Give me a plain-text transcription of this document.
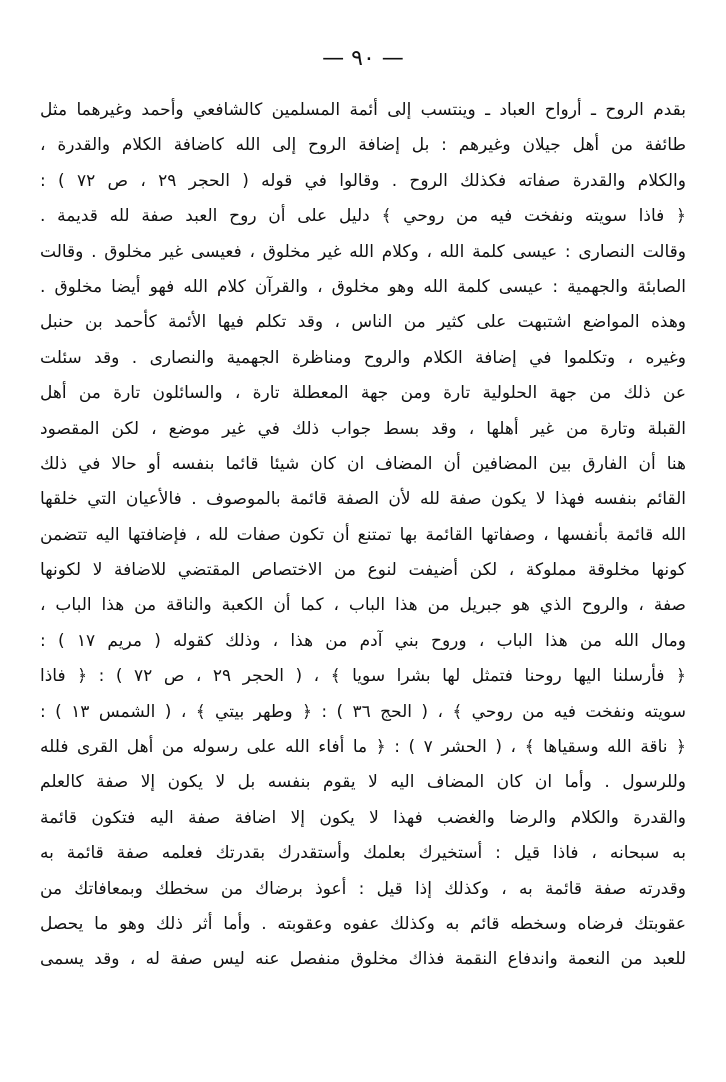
— ٩٠ —
بقدم الروح ـ أرواح العباد ـ وينتسب إلى أئمة المسلمين كالشافعي وأحمد وغيرهما مثل
طائفة من أهل جيلان وغيرهم : بل إضافة الروح إلى الله كاضافة الكلام والقدرة ،
والكلام والقدرة صفاته فكذلك الروح . وقالوا في قوله ( الحجر ٢٩ ، ص ٧٢ ) :
﴿ فاذا سويته ونفخت فيه من روحي ﴾ دليل على أن روح العبد صفة لله قديمة .
وقالت النصارى : عيسى كلمة الله ، وكلام الله غير مخلوق ، فعيسى غير مخلوق . وقالت
الصابئة والجهمية : عيسى كلمة الله وهو مخلوق ، والقرآن كلام الله فهو أيضا مخلوق .
وهذه المواضع اشتبهت على كثير من الناس ، وقد تكلم فيها الأئمة كأحمد بن حنبل
وغيره ، وتكلموا في إضافة الكلام والروح ومناظرة الجهمية والنصارى . وقد سئلت
عن ذلك من جهة الحلولية تارة ومن جهة المعطلة تارة ، والسائلون تارة من أهل
القبلة وتارة من غير أهلها ، وقد بسط جواب ذلك في غير موضع ، لكن المقصود
هنا أن الفارق بين المضافين أن المضاف ان كان شيئا قائما بنفسه أو حالا في ذلك
القائم بنفسه فهذا لا يكون صفة لله لأن الصفة قائمة بالموصوف . فالأعيان التي خلقها
الله قائمة بأنفسها ، وصفاتها القائمة بها تمتنع أن تكون صفات لله ، فإضافتها اليه تتضمن
كونها مخلوقة مملوكة ، لكن أضيفت لنوع من الاختصاص المقتضي للاضافة لا لكونها
صفة ، والروح الذي هو جبريل من هذا الباب ، كما أن الكعبة والناقة من هذا الباب ،
ومال الله من هذا الباب ، وروح بني آدم من هذا ، وذلك كقوله ( مريم ١٧ ) :
﴿ فأرسلنا اليها روحنا فتمثل لها بشرا سويا ﴾ ، ( الحجر ٢٩ ، ص ٧٢ ) : ﴿ فاذا
سويته ونفخت فيه من روحي ﴾ ، ( الحج ٣٦ ) : ﴿ وطهر بيتي ﴾ ، ( الشمس ١٣ ) :
﴿ ناقة الله وسقياها ﴾ ، ( الحشر ٧ ) : ﴿ ما أفاء الله على رسوله من أهل القرى فلله
وللرسول . وأما ان كان المضاف اليه لا يقوم بنفسه بل لا يكون إلا صفة كالعلم
والقدرة والكلام والرضا والغضب فهذا لا يكون إلا اضافة صفة اليه فتكون قائمة
به سبحانه ، فاذا قيل : أستخيرك بعلمك وأستقدرك بقدرتك فعلمه صفة قائمة به
وقدرته صفة قائمة به ، وكذلك إذا قيل : أعوذ برضاك من سخطك وبمعافاتك من
عقوبتك فرضاه وسخطه قائم به وكذلك عفوه وعقوبته . وأما أثر ذلك وهو ما يحصل
للعبد من النعمة واندفاع النقمة فذاك مخلوق منفصل عنه ليس صفة له ، وقد يسمى
